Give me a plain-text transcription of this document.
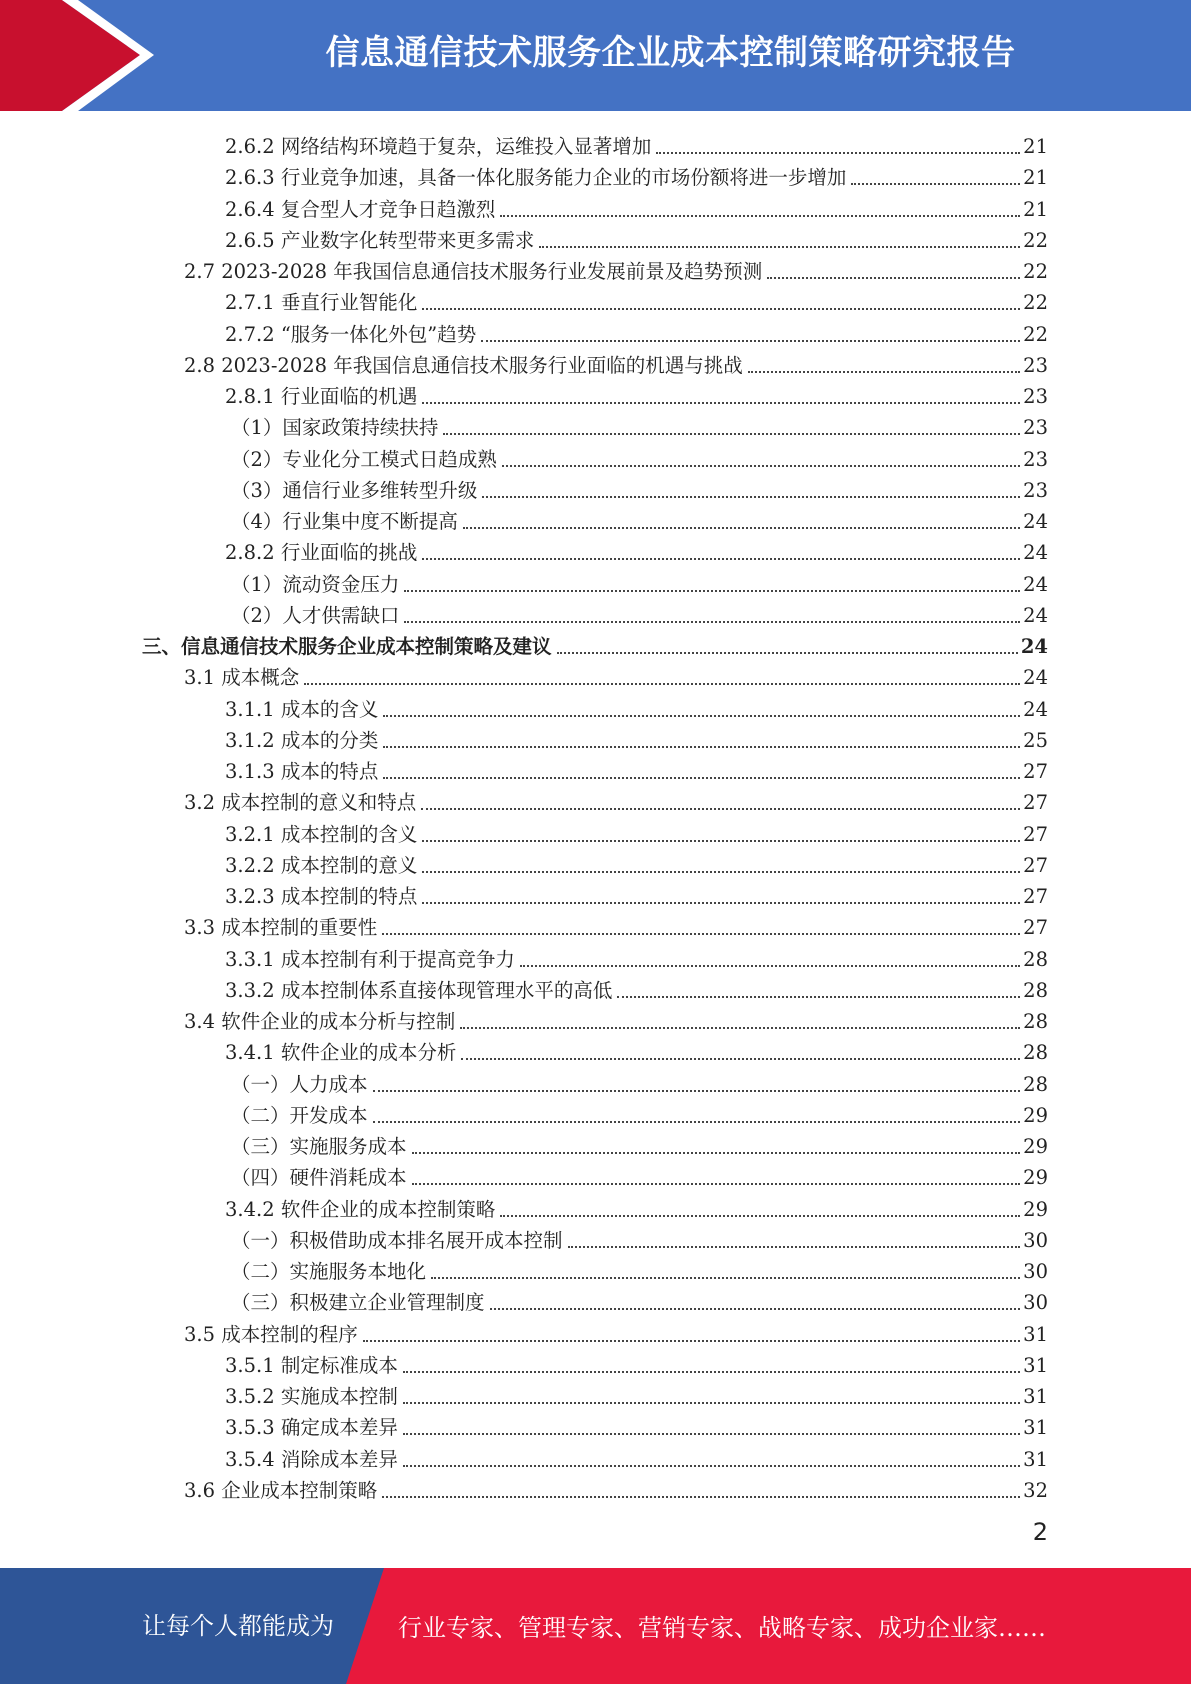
信息通信技术服务企业成本控制策略研究报告
2.6.2 网络结构环境趋于复杂，运维投入显著增加	21
2.6.3 行业竞争加速，具备一体化服务能力企业的市场份额将进一步增加	21
2.6.4 复合型人才竞争日趋激烈	21
2.6.5 产业数字化转型带来更多需求	22
2.7 2023-2028 年我国信息通信技术服务行业发展前景及趋势预测	22
2.7.1 垂直行业智能化	22
2.7.2 “服务一体化外包”趋势	22
2.8 2023-2028 年我国信息通信技术服务行业面临的机遇与挑战	23
2.8.1 行业面临的机遇	23
（1）国家政策持续扶持	23
（2）专业化分工模式日趋成熟	23
（3）通信行业多维转型升级	23
（4）行业集中度不断提高	24
2.8.2 行业面临的挑战	24
（1）流动资金压力	24
（2）人才供需缺口	24
三、信息通信技术服务企业成本控制策略及建议	24
3.1 成本概念	24
3.1.1 成本的含义	24
3.1.2 成本的分类	25
3.1.3 成本的特点	27
3.2 成本控制的意义和特点	27
3.2.1 成本控制的含义	27
3.2.2 成本控制的意义	27
3.2.3 成本控制的特点	27
3.3 成本控制的重要性	27
3.3.1 成本控制有利于提高竞争力	28
3.3.2 成本控制体系直接体现管理水平的高低	28
3.4 软件企业的成本分析与控制	28
3.4.1 软件企业的成本分析	28
（一）人力成本	28
（二）开发成本	29
（三）实施服务成本	29
（四）硬件消耗成本	29
3.4.2 软件企业的成本控制策略	29
（一）积极借助成本排名展开成本控制	30
（二）实施服务本地化	30
（三）积极建立企业管理制度	30
3.5 成本控制的程序	31
3.5.1 制定标准成本	31
3.5.2 实施成本控制	31
3.5.3 确定成本差异	31
3.5.4 消除成本差异	31
3.6 企业成本控制策略	32
2
让每个人都能成为	行业专家、管理专家、营销专家、战略专家、成功企业家……
